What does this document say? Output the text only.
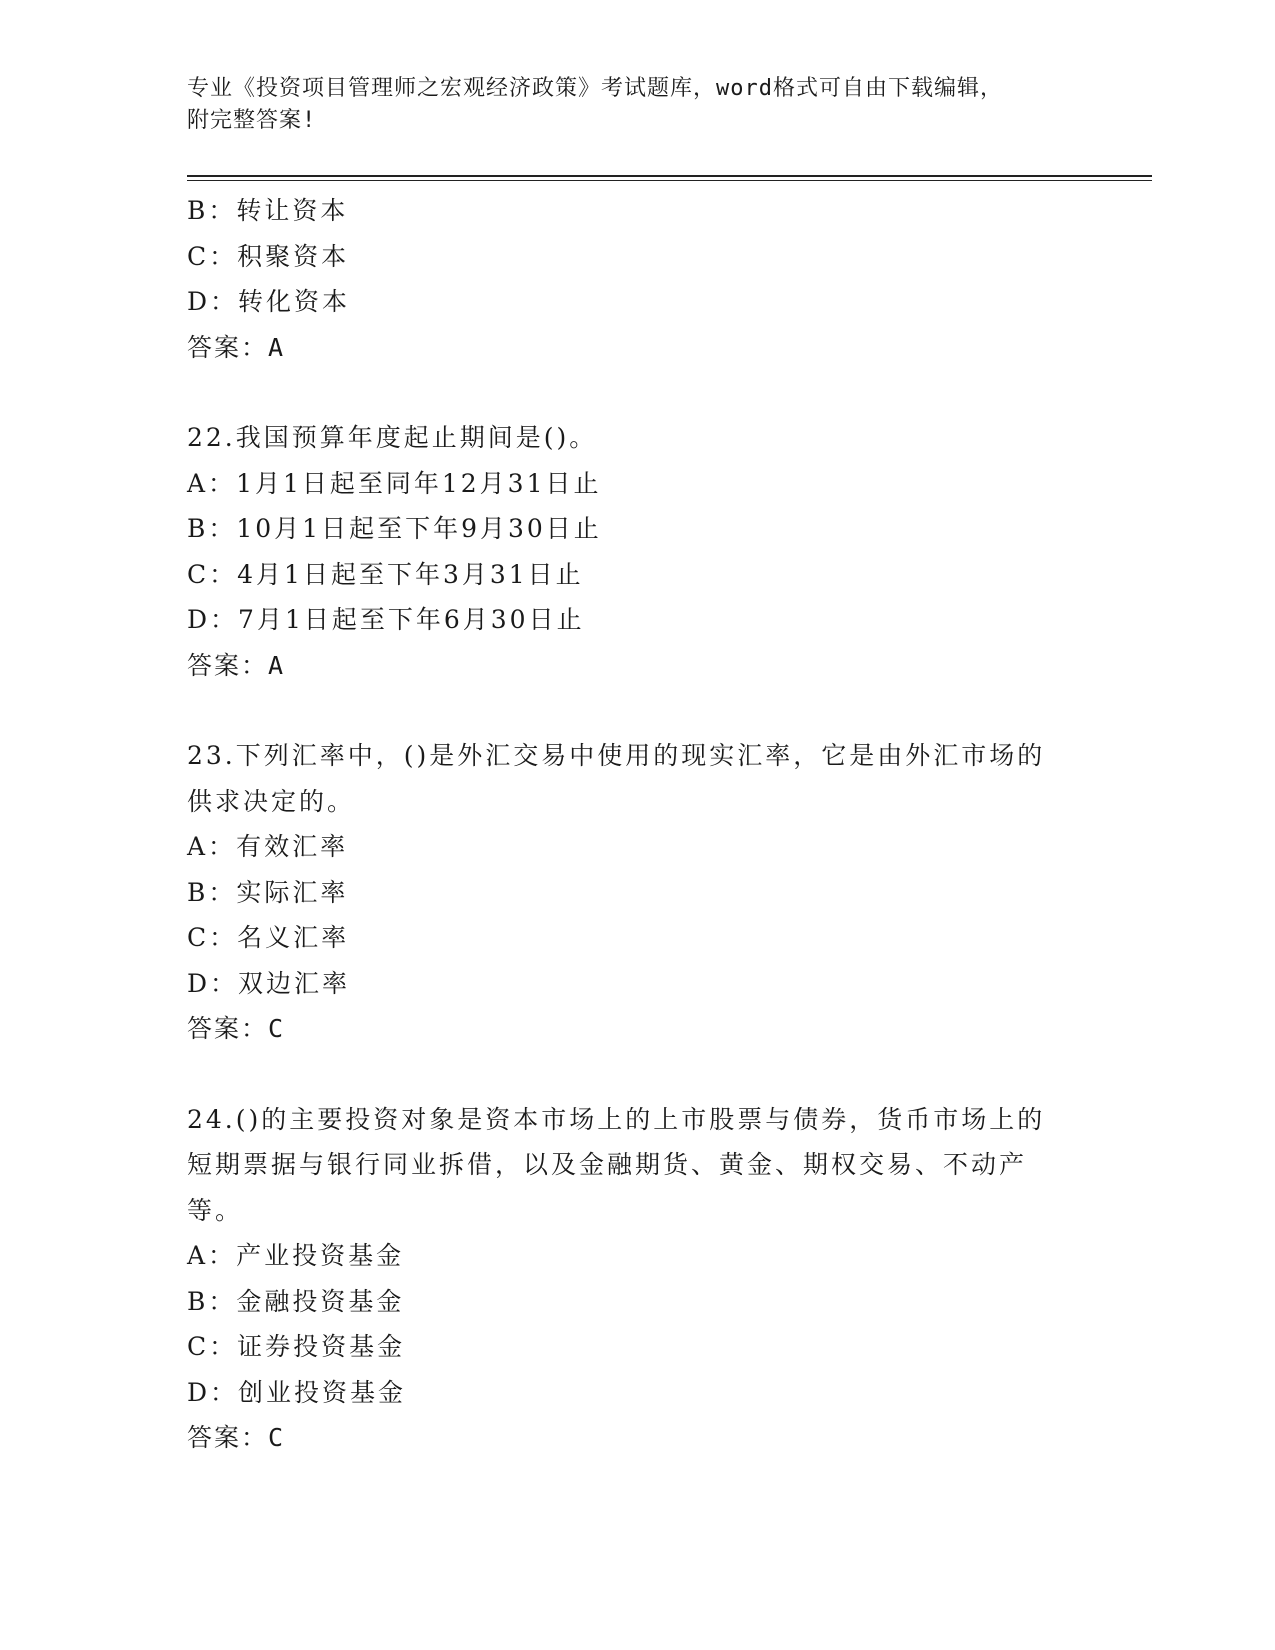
专业《投资项目管理师之宏观经济政策》考试题库，word格式可自由下载编辑，
附完整答案!
B：转让资本
C：积聚资本
D：转化资本
答案：A
22.我国预算年度起止期间是()。
A：1月1日起至同年12月31日止
B：10月1日起至下年9月30日止
C：4月1日起至下年3月31日止
D：7月1日起至下年6月30日止
答案：A
23.下列汇率中，()是外汇交易中使用的现实汇率，它是由外汇市场的
供求决定的。
A：有效汇率
B：实际汇率
C：名义汇率
D：双边汇率
答案：C
24.()的主要投资对象是资本市场上的上市股票与债券，货币市场上的
短期票据与银行同业拆借，以及金融期货、黄金、期权交易、不动产
等。
A：产业投资基金
B：金融投资基金
C：证券投资基金
D：创业投资基金
答案：C
